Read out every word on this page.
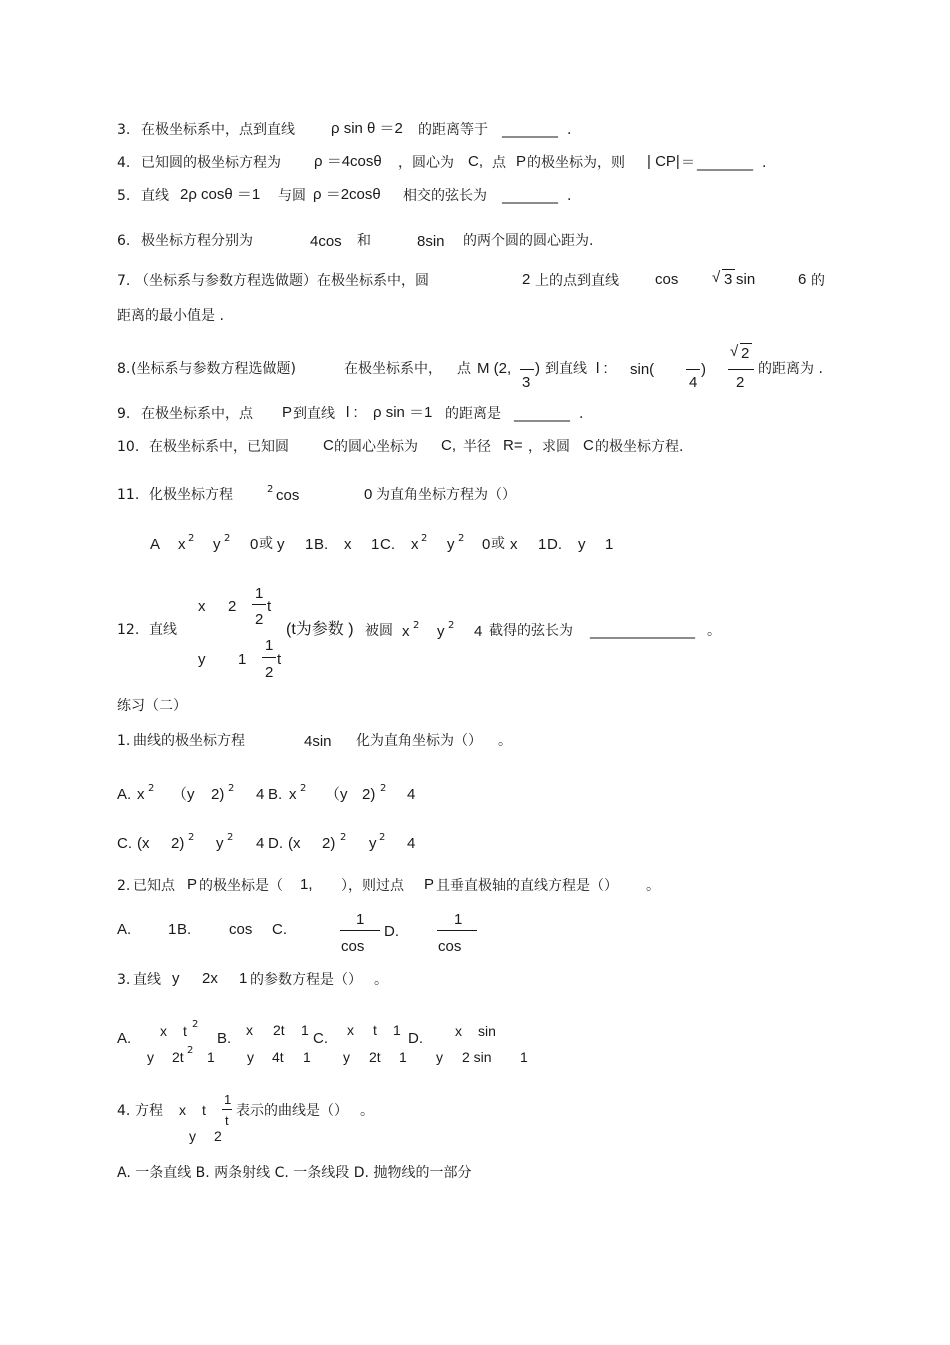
3. 在极坐标系中，点到直线 ρ sin θ ＝2 的距离等于 ________ .
4. 已知圆的极坐标方程为 ρ ＝4cosθ ，圆心为 C, 点 P 的极坐标为，则 | CP| ＝ ________ .
5. 直线 2ρ cosθ ＝1 与圆 ρ ＝2cosθ 相交的弦长为 ________ .
6. 极坐标方程分别为	4cos 和	8sin 的两个圆的圆心距为.
7. （坐标系与参数方程选做题）在极坐标系中，圆	2 上的点到直线 cos √ 3 sin	6 的
距离的最小值是 .
8. (坐标系与参数方程选做题)	在极坐标系中， 点 M (2,
3
) 到直线 l : sin(
4
)
√ 2
2
的距离为 .
9. 在极坐标系中，点 P 到直线 l : ρ sin ＝1 的距离是 ________ .
10. 在极坐标系中，已知圆 C 的圆心坐标为 C, 半径 R= ，求圆 C 的极坐标方程.
11. 化极坐标方程	2 cos	0 为直角坐标方程为（）
A x 2 y 2 0 或 y 1 B. x 1 C. x 2 y 2 0 或 x 1 D. y 1
x 2
1
2
t
12. 直线	(t为参数 ) 被圆 x 2 y 2 4 截得的弦长为 _______________ 。
y 1
1
2
t
练习（二）
1. 曲线的极坐标方程	4sin 化为直角坐标为（） 。
A. x 2 （y 2) 2 4 B. x 2 （y 2) 2 4
C. (x 2) 2 y 2 4 D. (x 2) 2 y 2 4
2. 已知点 P 的极坐标是（ 1, ），则过点 P 且垂直极轴的直线方程是（） 。
A. 1 B.	cos C.
1
cos
D.
1
cos
3. 直线 y 2x 1 的参数方程是（） 。
A. x t 2
y 2t 2 1
B. x 2t 1
y 4t 1
C. x t 1
y 2t 1
D. x sin
y 2 sin 1
4. 方程 x t
1
t
表示的曲线是（） 。
y 2
A. 一条直线 B. 两条射线 C. 一条线段 D. 抛物线的一部分
